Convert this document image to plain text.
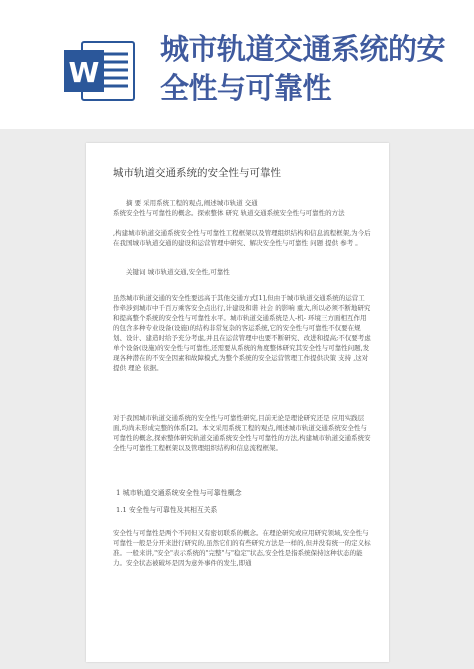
W
城市轨道交通系统的安全性与可靠性
城市轨道交通系统的安全性与可靠性
摘 要 采用系统工程的观点,阐述城市轨道 交通
系统安全性与可靠性的概念。探索整体 研究 轨道交通系统安全性与可靠性的方法
,构建城市轨道交通系统安全性与可靠性工程框架以及管理组织结构和信息流程框架,为今后在我国城市轨道交通的建设和运营管理中研究、解决安全性与可靠性 问题 提供 参考 。
关键词 城市轨道交通,安全性,可靠性
虽然城市轨道交通的安全性要远高于其他交通方式[1],但由于城市轨道交通系统的运营工作牵涉到城市中千百万乘客安全点出行,计建设和谐 社会 的影响 重大,所以必须不断地研究和提高整个系统的安全性与可靠性水平。城市轨道交通系统是人-机- 环境三方面相互作用的包含多种专业设备(设施)的结构非常复杂的客运系统,它的安全性与可靠性不仅要在规划、设计、建造时给予充分考虑,并且在运营管理中也要不断研究、改进和提高;不仅要考虑单个设备(设施)的安全性与可靠性,还需要从系统的角度整体研究其安全性与可靠性问题,发现各种潜在的不安全因素和故障模式,为整个系统的安全运营管理工作提供决策 支持 ,这对提供 理论 依据。
对于我国城市轨道交通系统的安全性与可靠性研究,目前无论是理论研究还是 应用实践层面,均尚未形成完整的体系[2]。本文采用系统工程的观点,阐述城市轨道交通系统安全性与可靠性的概念,探索整体研究轨道交通系统安全性与可靠性的方法,构建城市轨道交通系统安全性与可靠性工程框架以及管理组织结构和信息流程框架。
1 城市轨道交通系统安全性与可靠性概念
1.1 安全性与可靠性及其相互关系
安全性与可靠性是两个不同但又有密切联系的概念。在理论研究或应用研究领域,安全性与可靠性一般是分开来进行研究的,虽然它们的有些研究方法是一样的,但并没有统一的定义标准。一般来讲,"安全"表示系统的"完整"与"稳定"状态,安全性是指系统保持这种状态的能力。安全状态被破坏是因为意外事件的发生,即通
